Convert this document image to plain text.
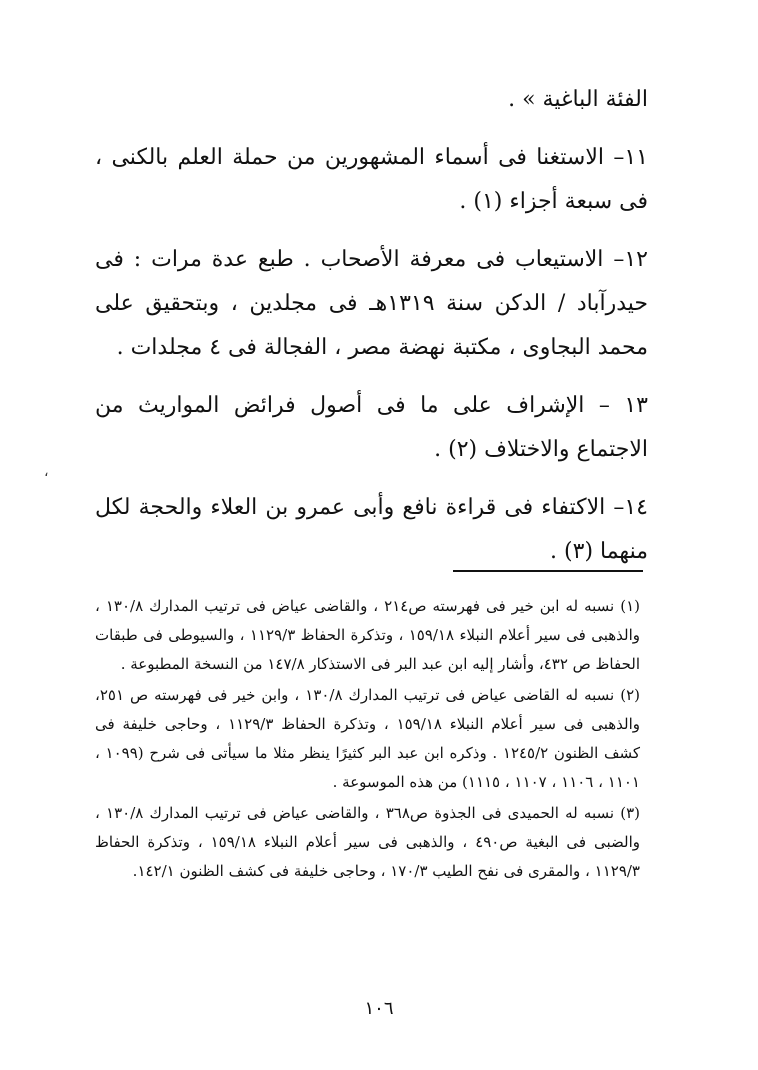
الفئة الباغية » .

١١– الاستغنا فى أسماء المشهورين من حملة العلم بالكنى ، فى سبعة أجزاء (١) .

١٢– الاستيعاب فى معرفة الأصحاب . طبع عدة مرات : فى حيدرآباد / الدكن سنة ١٣١٩هـ فى مجلدين ، وبتحقيق على محمد البجاوى ، مكتبة نهضة مصر ، الفجالة فى ٤ مجلدات .

١٣ – الإشراف على ما فى أصول فرائض المواريث من الاجتماع والاختلاف (٢) .

١٤– الاكتفاء فى قراءة نافع وأبى عمرو بن العلاء والحجة لكل منهما (٣) .

،

(١) نسبه له ابن خير فى فهرسته ص٢١٤ ، والقاضى عياض فى ترتيب المدارك ١٣٠/٨ ، والذهبى فى سير أعلام النبلاء ١٥٩/١٨ ، وتذكرة الحفاظ ١١٢٩/٣ ، والسيوطى فى طبقات الحفاظ ص ٤٣٢، وأشار إليه ابن عبد البر فى الاستذكار ١٤٧/٨ من النسخة المطبوعة .

(٢) نسبه له القاضى عياض فى ترتيب المدارك ١٣٠/٨ ، وابن خير فى فهرسته ص ٢٥١، والذهبى فى سير أعلام النبلاء ١٥٩/١٨ ، وتذكرة الحفاظ ١١٢٩/٣ ، وحاجى خليفة فى كشف الظنون ١٢٤٥/٢ . وذكره ابن عبد البر كثيرًا ينظر مثلا ما سيأتى فى شرح (١٠٩٩ ، ١١٠١ ، ١١٠٦ ، ١١٠٧ ، ١١١٥) من هذه الموسوعة .

(٣) نسبه له الحميدى فى الجذوة ص٣٦٨ ، والقاضى عياض فى ترتيب المدارك ١٣٠/٨ ، والضبى فى البغية ص٤٩٠ ، والذهبى فى سير أعلام النبلاء ١٥٩/١٨ ، وتذكرة الحفاظ ١١٢٩/٣ ، والمقرى فى نفح الطيب ١٧٠/٣ ، وحاجى خليفة فى كشف الظنون ١٤٢/١.

١٠٦
